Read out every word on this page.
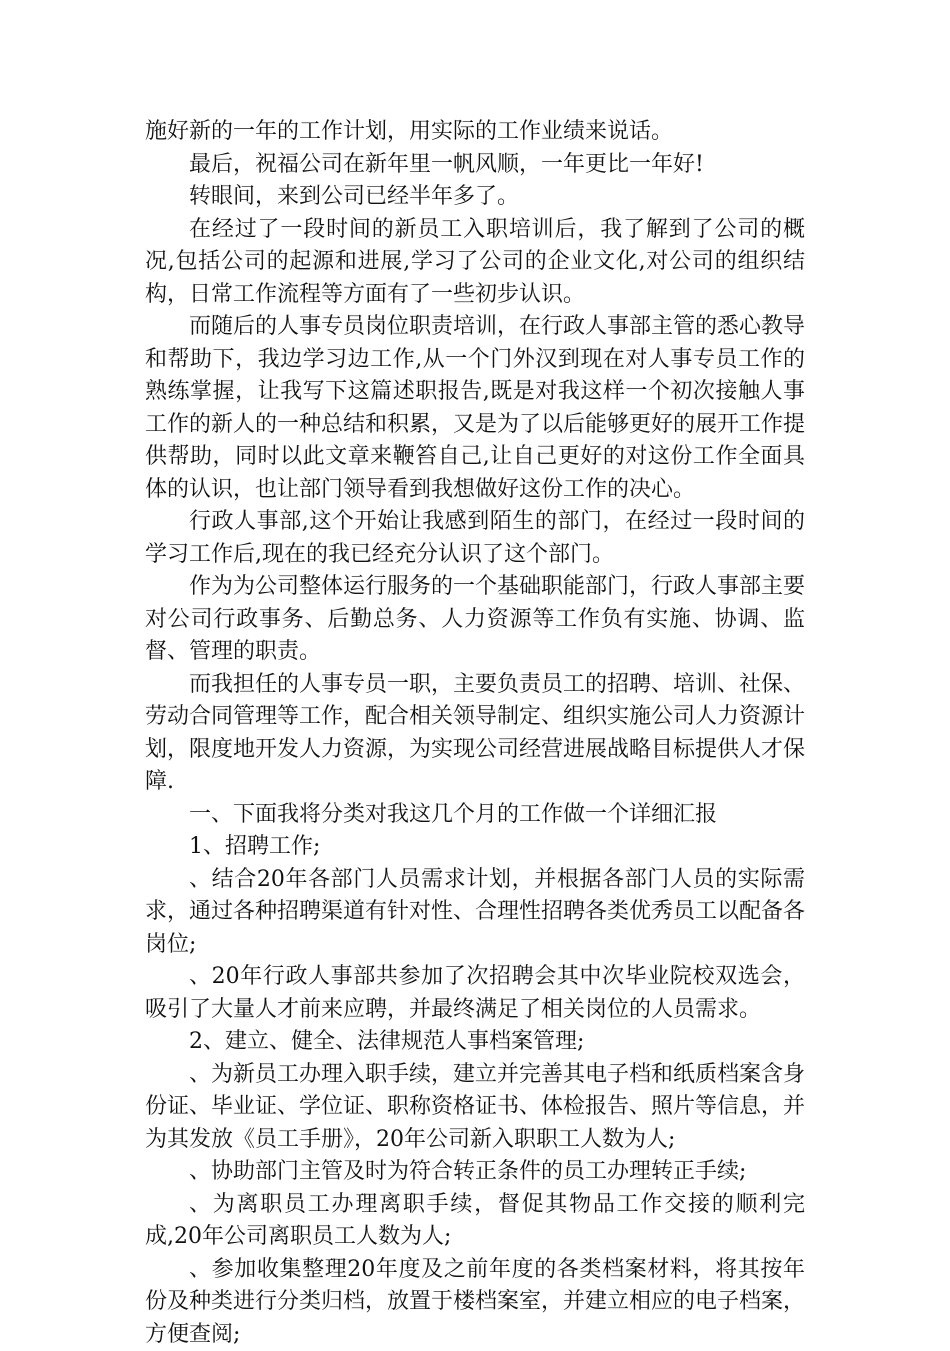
施好新的一年的工作计划，用实际的工作业绩来说话。

最后，祝福公司在新年里一帆风顺，一年更比一年好!

转眼间，来到公司已经半年多了。

在经过了一段时间的新员工入职培训后，我了解到了公司的概况,包括公司的起源和进展,学习了公司的企业文化,对公司的组织结构，日常工作流程等方面有了一些初步认识。

而随后的人事专员岗位职责培训，在行政人事部主管的悉心教导和帮助下，我边学习边工作,从一个门外汉到现在对人事专员工作的熟练掌握，让我写下这篇述职报告,既是对我这样一个初次接触人事工作的新人的一种总结和积累，又是为了以后能够更好的展开工作提供帮助，同时以此文章来鞭笞自己,让自己更好的对这份工作全面具体的认识，也让部门领导看到我想做好这份工作的决心。

行政人事部,这个开始让我感到陌生的部门，在经过一段时间的学习工作后,现在的我已经充分认识了这个部门。

作为为公司整体运行服务的一个基础职能部门，行政人事部主要对公司行政事务、后勤总务、人力资源等工作负有实施、协调、监督、管理的职责。

而我担任的人事专员一职，主要负责员工的招聘、培训、社保、劳动合同管理等工作，配合相关领导制定、组织实施公司人力资源计划，限度地开发人力资源，为实现公司经营进展战略目标提供人才保障.

一、下面我将分类对我这几个月的工作做一个详细汇报

1、招聘工作;

、结合20年各部门人员需求计划，并根据各部门人员的实际需求，通过各种招聘渠道有针对性、合理性招聘各类优秀员工以配备各岗位;

、20年行政人事部共参加了次招聘会其中次毕业院校双选会，吸引了大量人才前来应聘，并最终满足了相关岗位的人员需求。

2、建立、健全、法律规范人事档案管理;

、为新员工办理入职手续，建立并完善其电子档和纸质档案含身份证、毕业证、学位证、职称资格证书、体检报告、照片等信息，并为其发放《员工手册》，20年公司新入职职工人数为人;

、协助部门主管及时为符合转正条件的员工办理转正手续;

、为离职员工办理离职手续，督促其物品工作交接的顺利完成,20年公司离职员工人数为人;

、参加收集整理20年度及之前年度的各类档案材料，将其按年份及种类进行分类归档，放置于楼档案室，并建立相应的电子档案，方便查阅;
